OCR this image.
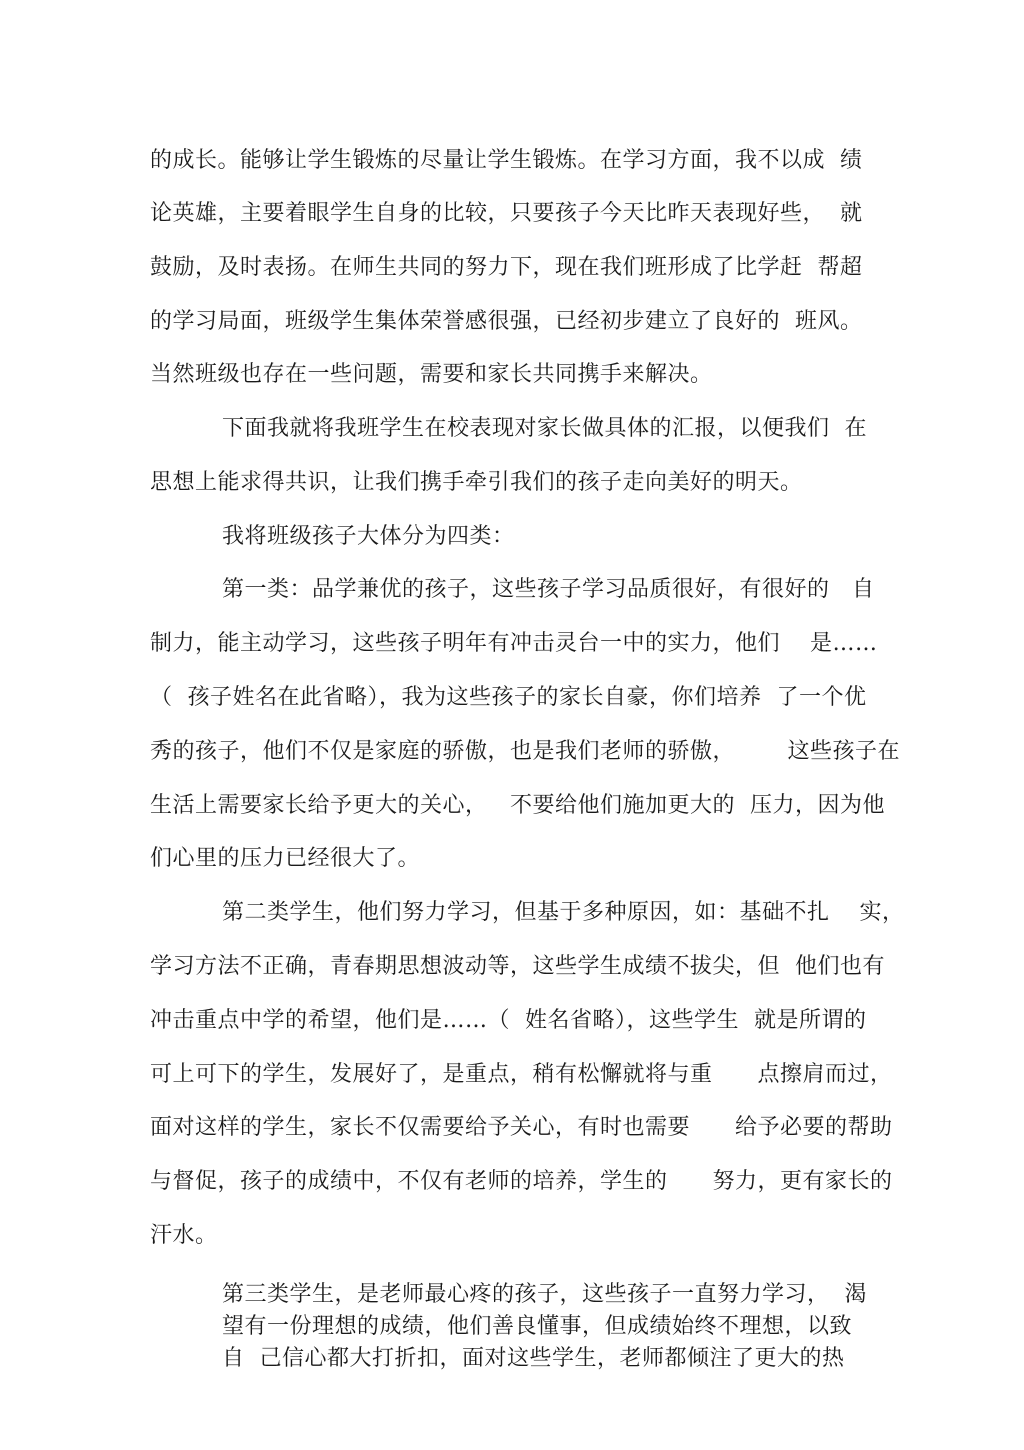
的成长。能够让学生锻炼的尽量让学生锻炼。在学习方面，我不以成  绩
论英雄，主要着眼学生自身的比较，只要孩子今天比昨天表现好些，  就
鼓励，及时表扬。在师生共同的努力下，现在我们班形成了比学赶  帮超
的学习局面，班级学生集体荣誉感很强，已经初步建立了良好的  班风。
当然班级也存在一些问题，需要和家长共同携手来解决。
下面我就将我班学生在校表现对家长做具体的汇报，以便我们  在
思想上能求得共识，让我们携手牵引我们的孩子走向美好的明天。
我将班级孩子大体分为四类：
第一类：品学兼优的孩子，这些孩子学习品质很好，有很好的   自
制力，能主动学习，这些孩子明年有冲击灵台一中的实力，他们    是……
（  孩子姓名在此省略），我为这些孩子的家长自豪，你们培养  了一个优
秀的孩子，他们不仅是家庭的骄傲，也是我们老师的骄傲，       这些孩子在
生活上需要家长给予更大的关心，   不要给他们施加更大的  压力，因为他
们心里的压力已经很大了。
第二类学生，他们努力学习，但基于多种原因，如：基础不扎    实，
学习方法不正确，青春期思想波动等，这些学生成绩不拔尖，但  他们也有
冲击重点中学的希望，他们是……（  姓名省略），这些学生  就是所谓的
可上可下的学生，发展好了，是重点，稍有松懈就将与重      点擦肩而过，
面对这样的学生，家长不仅需要给予关心，有时也需要      给予必要的帮助
与督促，孩子的成绩中，不仅有老师的培养，学生的      努力，更有家长的
汗水。
第三类学生，是老师最心疼的孩子，这些孩子一直努力学习，  渴
望有一份理想的成绩，他们善良懂事，但成绩始终不理想，以致
自  己信心都大打折扣，面对这些学生，老师都倾注了更大的热
